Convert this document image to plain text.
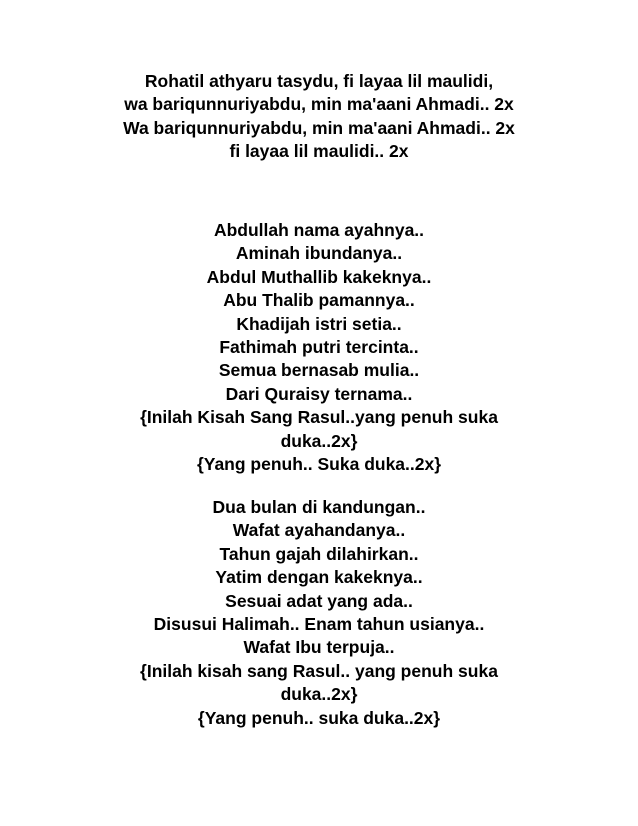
Rohatil athyaru tasydu, fi layaa lil maulidi,
wa bariqunnuriyabdu, min ma'aani Ahmadi.. 2x
Wa bariqunnuriyabdu, min ma'aani Ahmadi.. 2x
fi layaa lil maulidi.. 2x
Abdullah nama ayahnya..
Aminah ibundanya..
Abdul Muthallib kakeknya..
Abu Thalib pamannya..
Khadijah istri setia..
Fathimah putri tercinta..
Semua bernasab mulia..
Dari Quraisy ternama..
{Inilah Kisah Sang Rasul..yang penuh suka
duka..2x}
{Yang penuh.. Suka duka..2x}
Dua bulan di kandungan..
Wafat ayahandanya..
Tahun gajah dilahirkan..
Yatim dengan kakeknya..
Sesuai adat yang ada..
Disusui Halimah.. Enam tahun usianya..
Wafat Ibu terpuja..
{Inilah kisah sang Rasul.. yang penuh suka
duka..2x}
{Yang penuh.. suka duka..2x}
